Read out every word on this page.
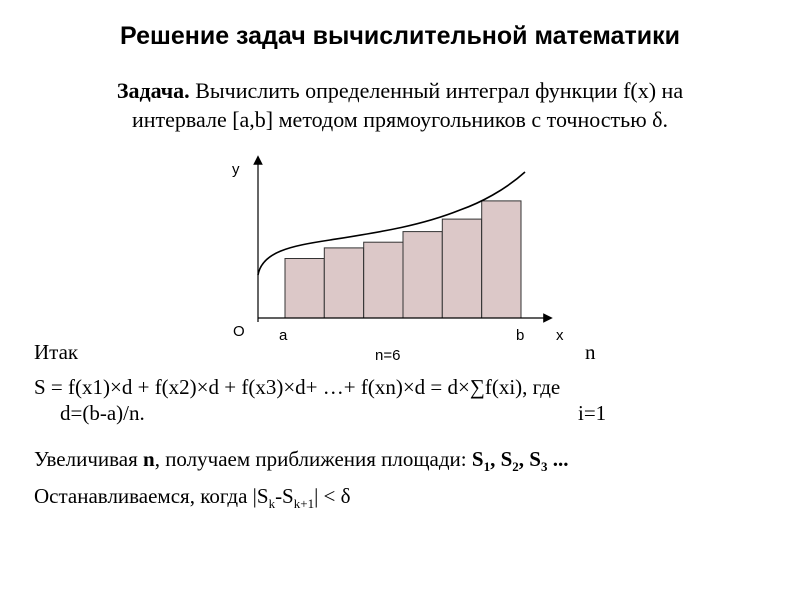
Решение задач вычислительной математики
Задача. Вычислить определенный интеграл функции f(x) на
интервале [a,b] методом прямоугольников с точностью δ.
y
O a	b x
n=6
Итак	n
S = f(x1)×d + f(x2)×d + f(x3)×d+ …+ f(xn)×d = d×∑f(xi), где
d=(b-a)/n.	i=1
Увеличивая n, получаем приближения площади: $S_1$, $S_2$, $S_3$ ...
Останавливаемся, когда $|S_k-S_{k+1}| < \delta$
